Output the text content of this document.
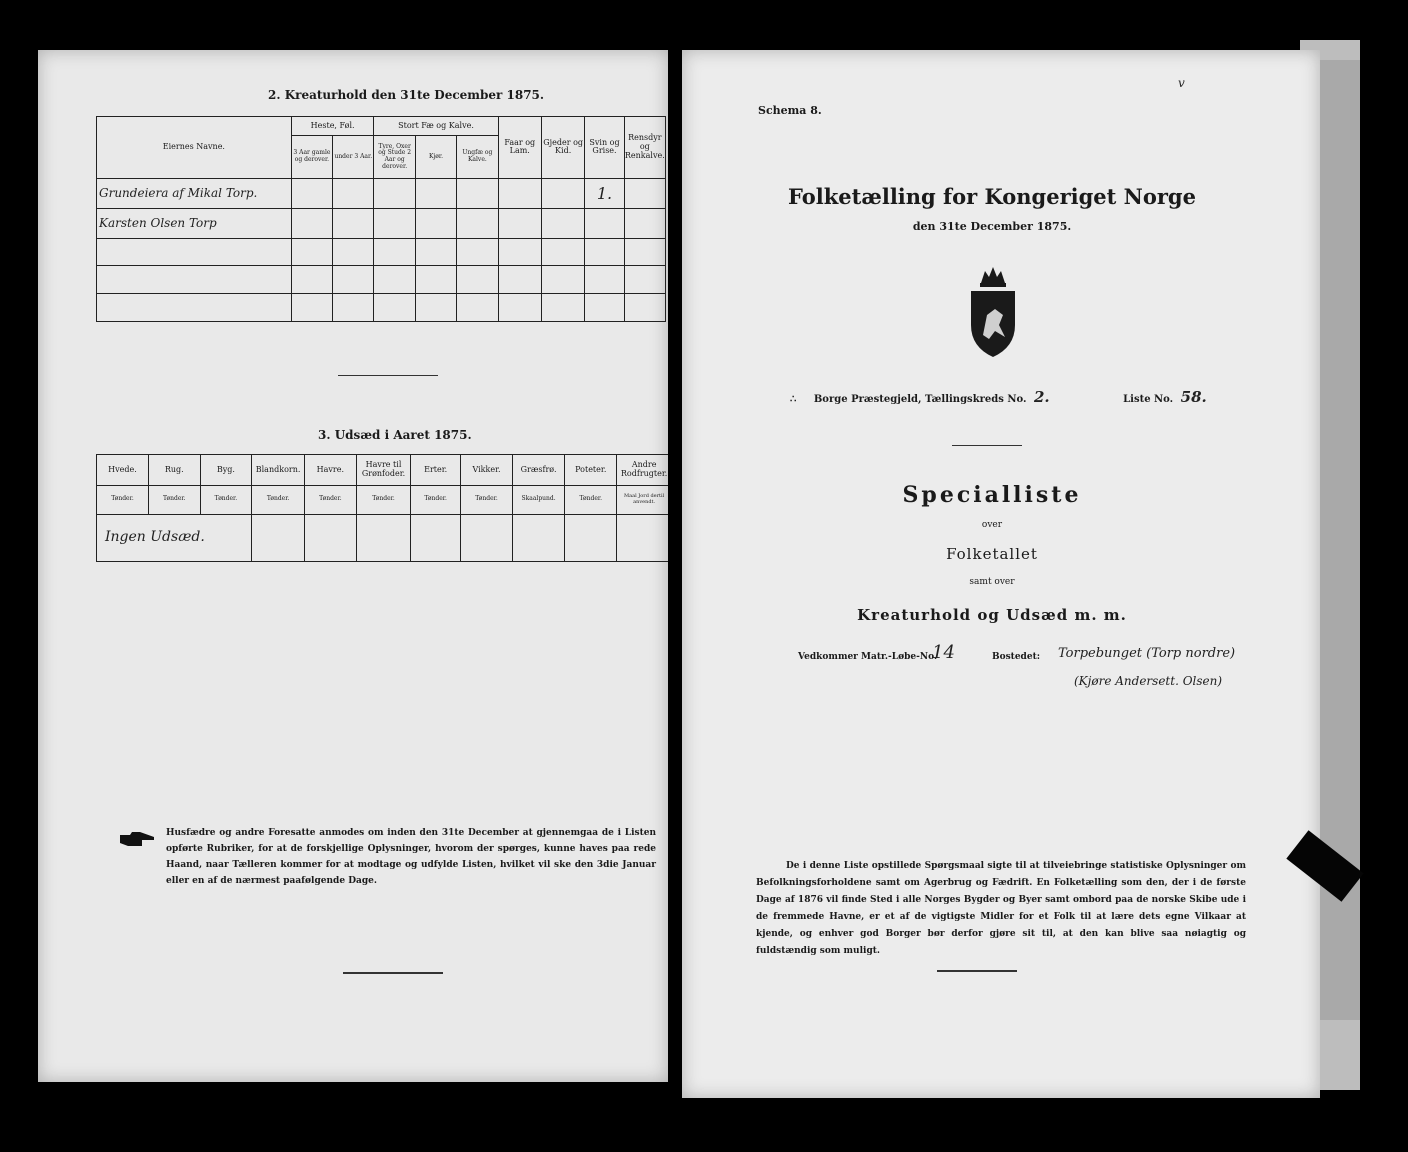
2. Kreaturhold den 31te December 1875.
Eiernes Navne.	Heste, Føl.		Stort Fæ og Kalve.			Faar og Lam.	Gjeder og Kid.	Svin og Grise.	Rensdyr og Renkalve.
	3 Aar gamle og derover.	under 3 Aar.	Tyre, Oxer og Stude 2 Aar og derover.	Kjør.	Ungfæ og Kalve.				
Grundeiera af Mikal Torp.								1.	
Karsten Olsen Torp									

3. Udsæd i Aaret 1875.
Hvede.	Rug.	Byg.	Blandkorn.	Havre.	Havre til Grønfoder.	Erter.	Vikker.	Græsfrø.	Poteter.	Andre Rodfrugter.
Tønder.	Tønder.	Tønder.	Tønder.	Tønder.	Tønder.	Tønder.	Tønder.	Skaalpund.	Tønder.	Maal Jord dertil anvendt.
Ingen Udsæd.										
Husfædre og andre Foresatte anmodes om inden den 31te December at gjennemgaa de i Listen opførte Rubriker, for at de forskjellige Oplysninger, hvorom der spørges, kunne haves paa rede Haand, naar Tælleren kommer for at modtage og udfylde Listen, hvilket vil ske den 3die Januar eller en af de nærmest paafølgende Dage.
Schema 8.
v
Folketælling for Kongeriget Norge
den 31te December 1875.
∴ Borge Præstegjeld, Tællingskreds No. 2.	Liste No. 58.
Specialliste
over
Folketallet
samt over
Kreaturhold og Udsæd m. m.
Vedkommer Matr.-Løbe-No.
14	Bostedet: Torpebunget (Torp nordre)
(Kjøre Andersett. Olsen)
De i denne Liste opstillede Spørgsmaal sigte til at tilveiebringe statistiske Oplysninger om Befolkningsforholdene samt om Agerbrug og Fædrift. En Folketælling som den, der i de første Dage af 1876 vil finde Sted i alle Norges Bygder og Byer samt ombord paa de norske Skibe ude i de fremmede Havne, er et af de vigtigste Midler for et Folk til at lære dets egne Vilkaar at kjende, og enhver god Borger bør derfor gjøre sit til, at den kan blive saa nøiagtig og fuldstændig som muligt.
